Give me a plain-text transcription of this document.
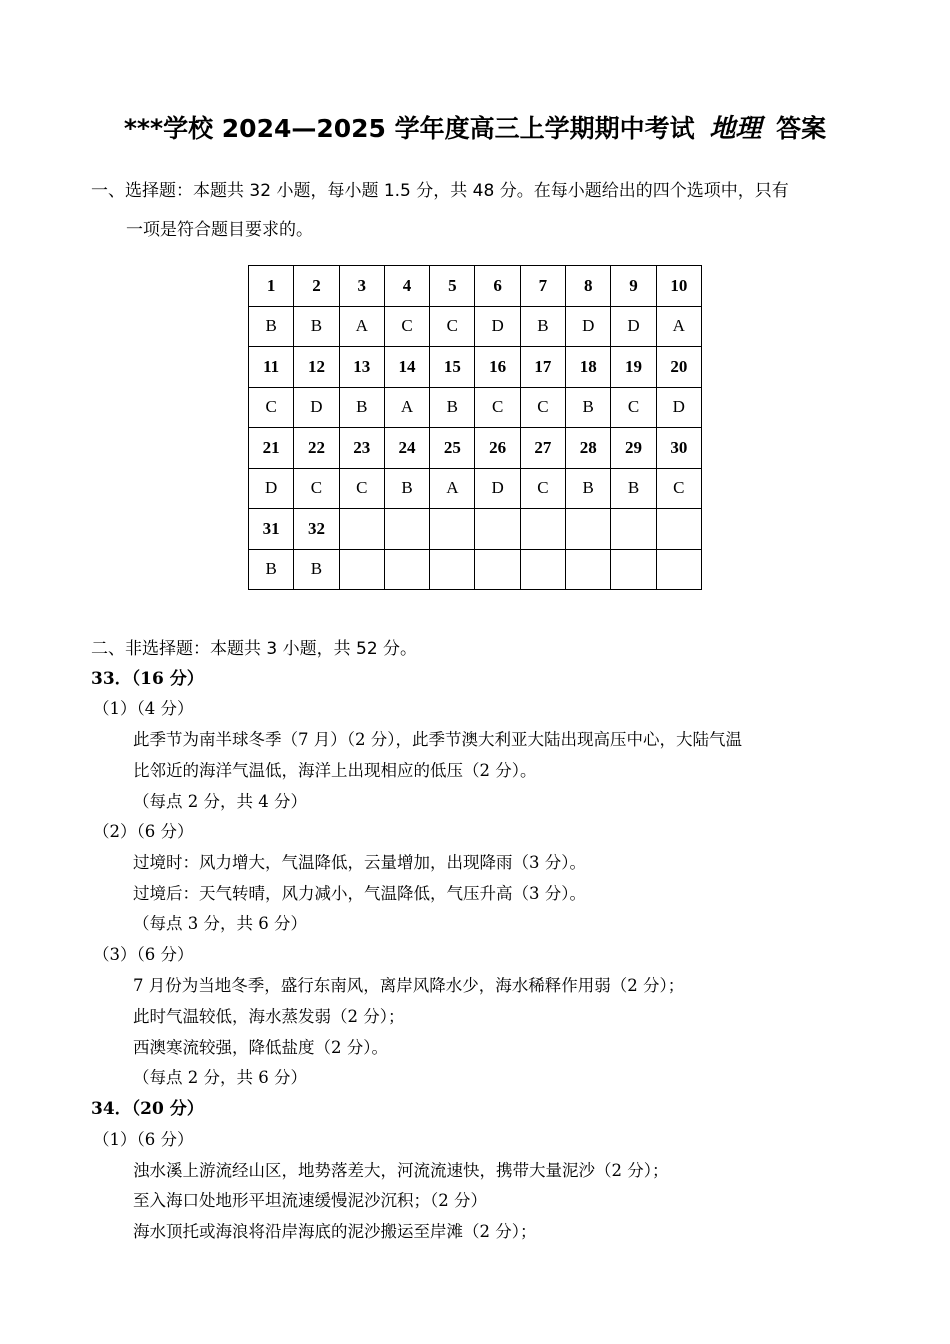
***学校 2024—2025 学年度高三上学期期中考试 地理 答案
一、选择题：本题共 32 小题，每小题 1.5 分，共 48 分。在每小题给出的四个选项中，只有
一项是符合题目要求的。
1	2	3	4	5	6	7	8	9	10
B	B	A	C	C	D	B	D	D	A
11	12	13	14	15	16	17	18	19	20
C	D	B	A	B	C	C	B	C	D
21	22	23	24	25	26	27	28	29	30
D	C	C	B	A	D	C	B	B	C
31	32								
B	B								
二、非选择题：本题共 3 小题，共 52 分。
33．（16 分）
（1）（4 分）
此季节为南半球冬季（7 月）（2 分），此季节澳大利亚大陆出现高压中心，大陆气温
比邻近的海洋气温低，海洋上出现相应的低压（2 分）。
（每点 2 分，共 4 分）
（2）（6 分）
过境时：风力增大，气温降低，云量增加，出现降雨（3 分）。
过境后：天气转晴，风力减小，气温降低，气压升高（3 分）。
（每点 3 分，共 6 分）
（3）（6 分）
7 月份为当地冬季，盛行东南风，离岸风降水少，海水稀释作用弱（2 分）；
此时气温较低，海水蒸发弱（2 分）；
西澳寒流较强，降低盐度（2 分）。
（每点 2 分，共 6 分）
34．（20 分）
（1）（6 分）
浊水溪上游流经山区，地势落差大，河流流速快，携带大量泥沙（2 分）；
至入海口处地形平坦流速缓慢泥沙沉积；（2 分）
海水顶托或海浪将沿岸海底的泥沙搬运至岸滩（2 分）；
